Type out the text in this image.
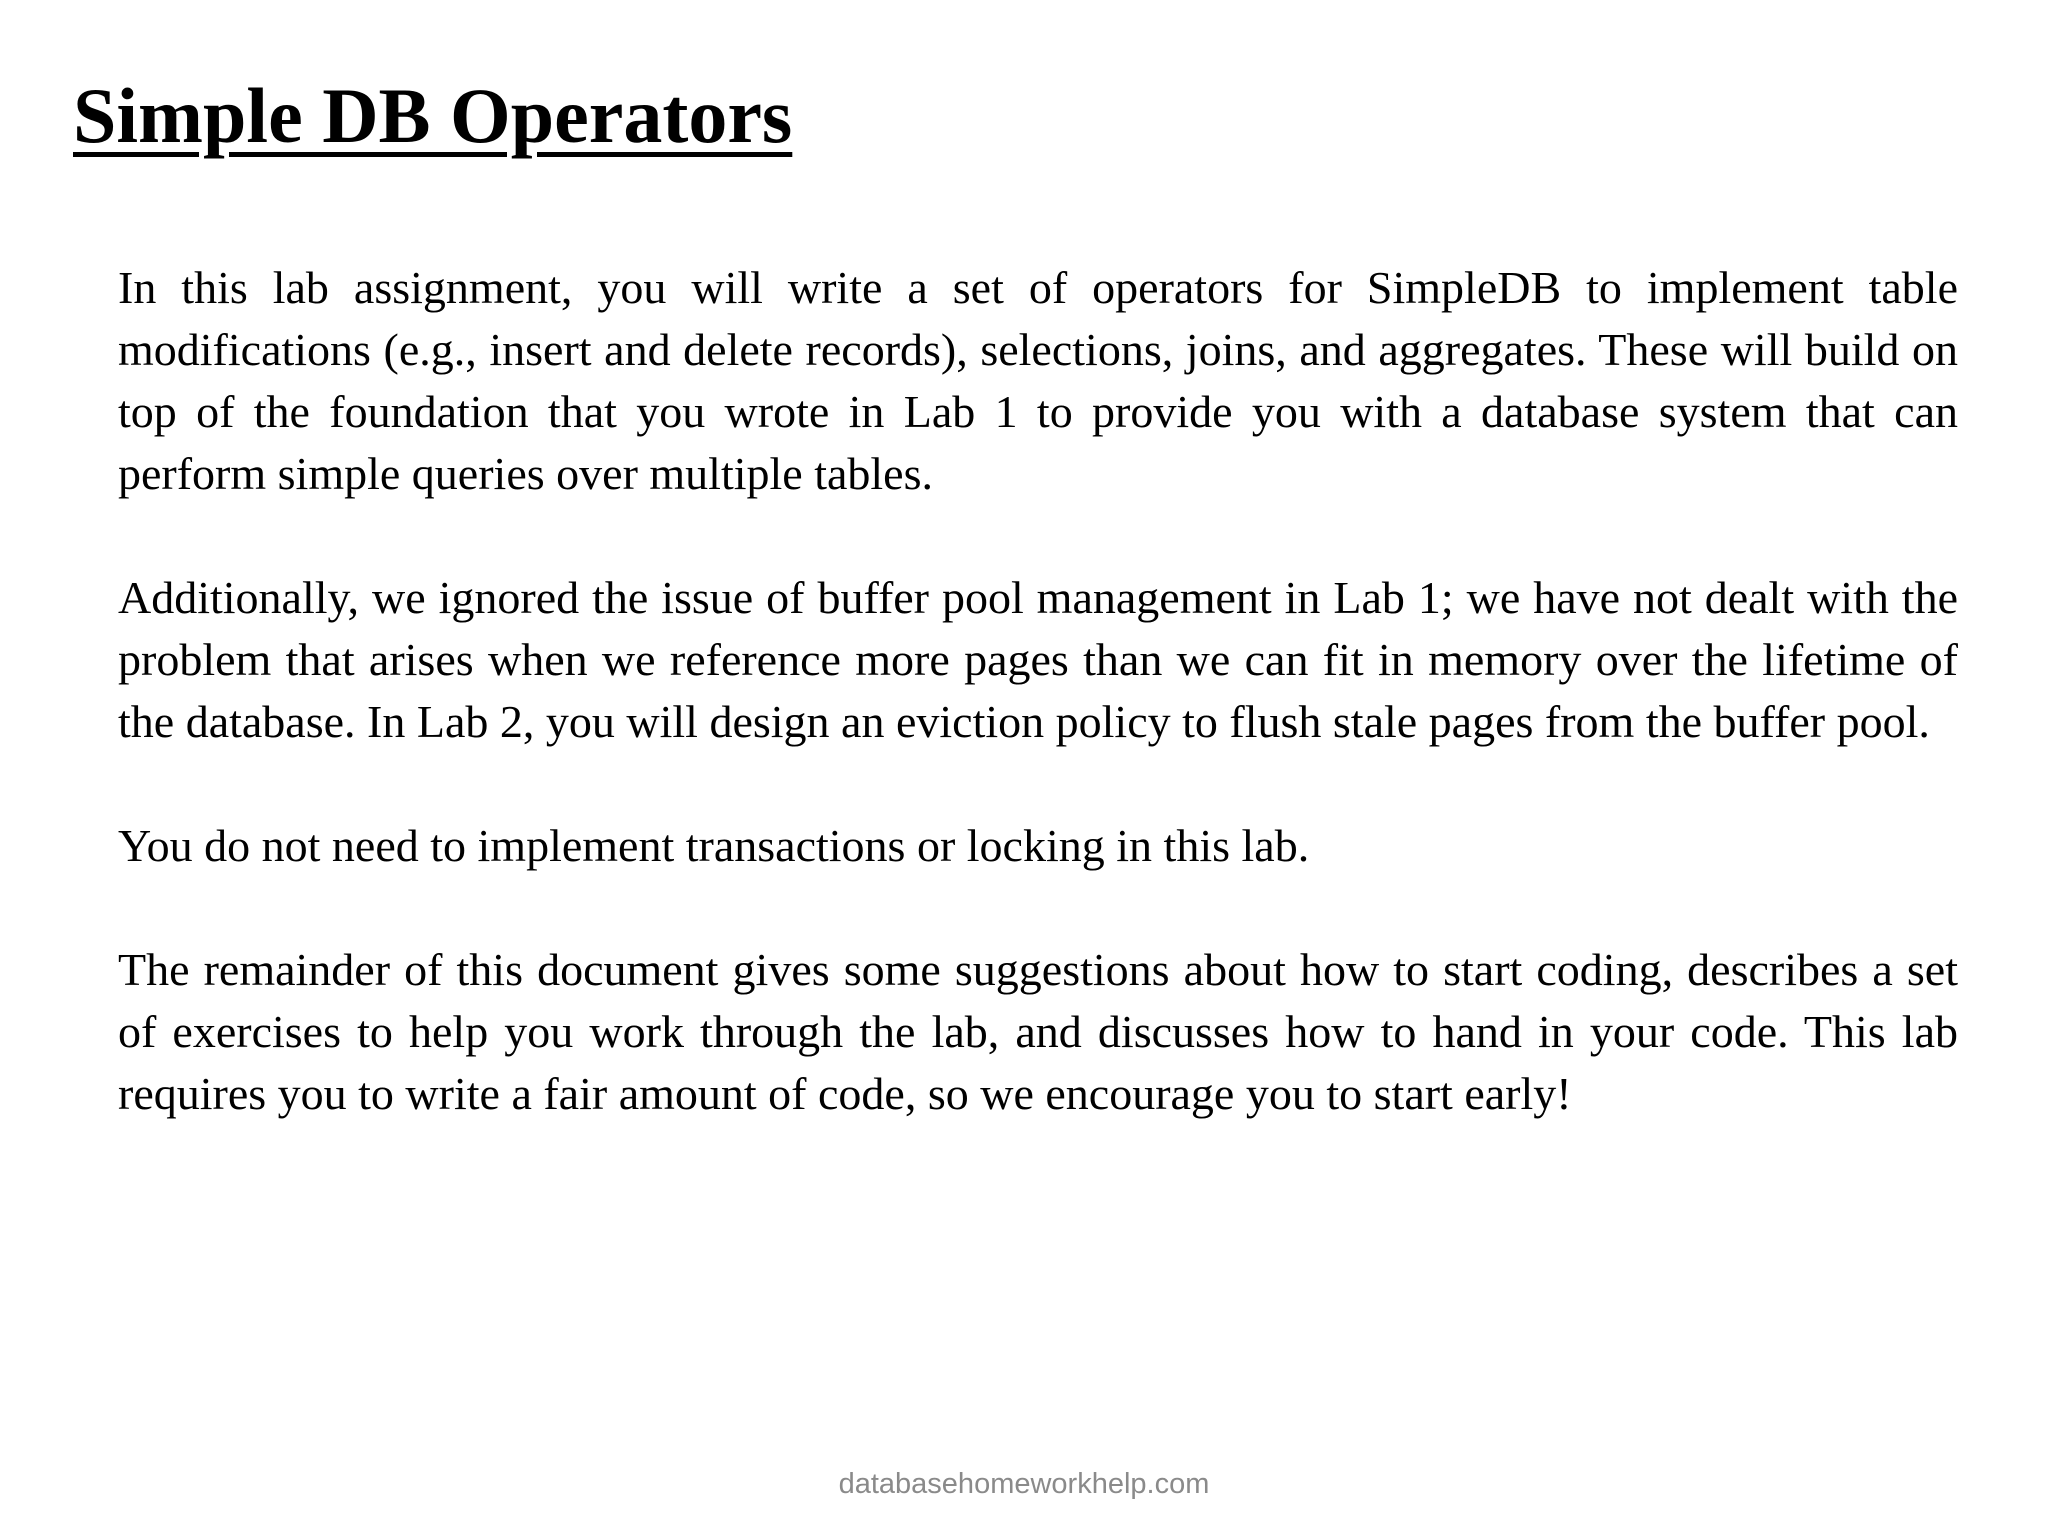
Simple DB Operators

In this lab assignment, you will write a set of operators for SimpleDB to implement table modifications (e.g., insert and delete records), selections, joins, and aggregates. These will build on top of the foundation that you wrote in Lab 1 to provide you with a database system that can perform simple queries over multiple tables.

Additionally, we ignored the issue of buffer pool management in Lab 1; we have not dealt with the problem that arises when we reference more pages than we can fit in memory over the lifetime of the database. In Lab 2, you will design an eviction policy to flush stale pages from the buffer pool.

You do not need to implement transactions or locking in this lab.

The remainder of this document gives some suggestions about how to start coding, describes a set of exercises to help you work through the lab, and discusses how to hand in your code. This lab requires you to write a fair amount of code, so we encourage you to start early!

databasehomeworkhelp.com
